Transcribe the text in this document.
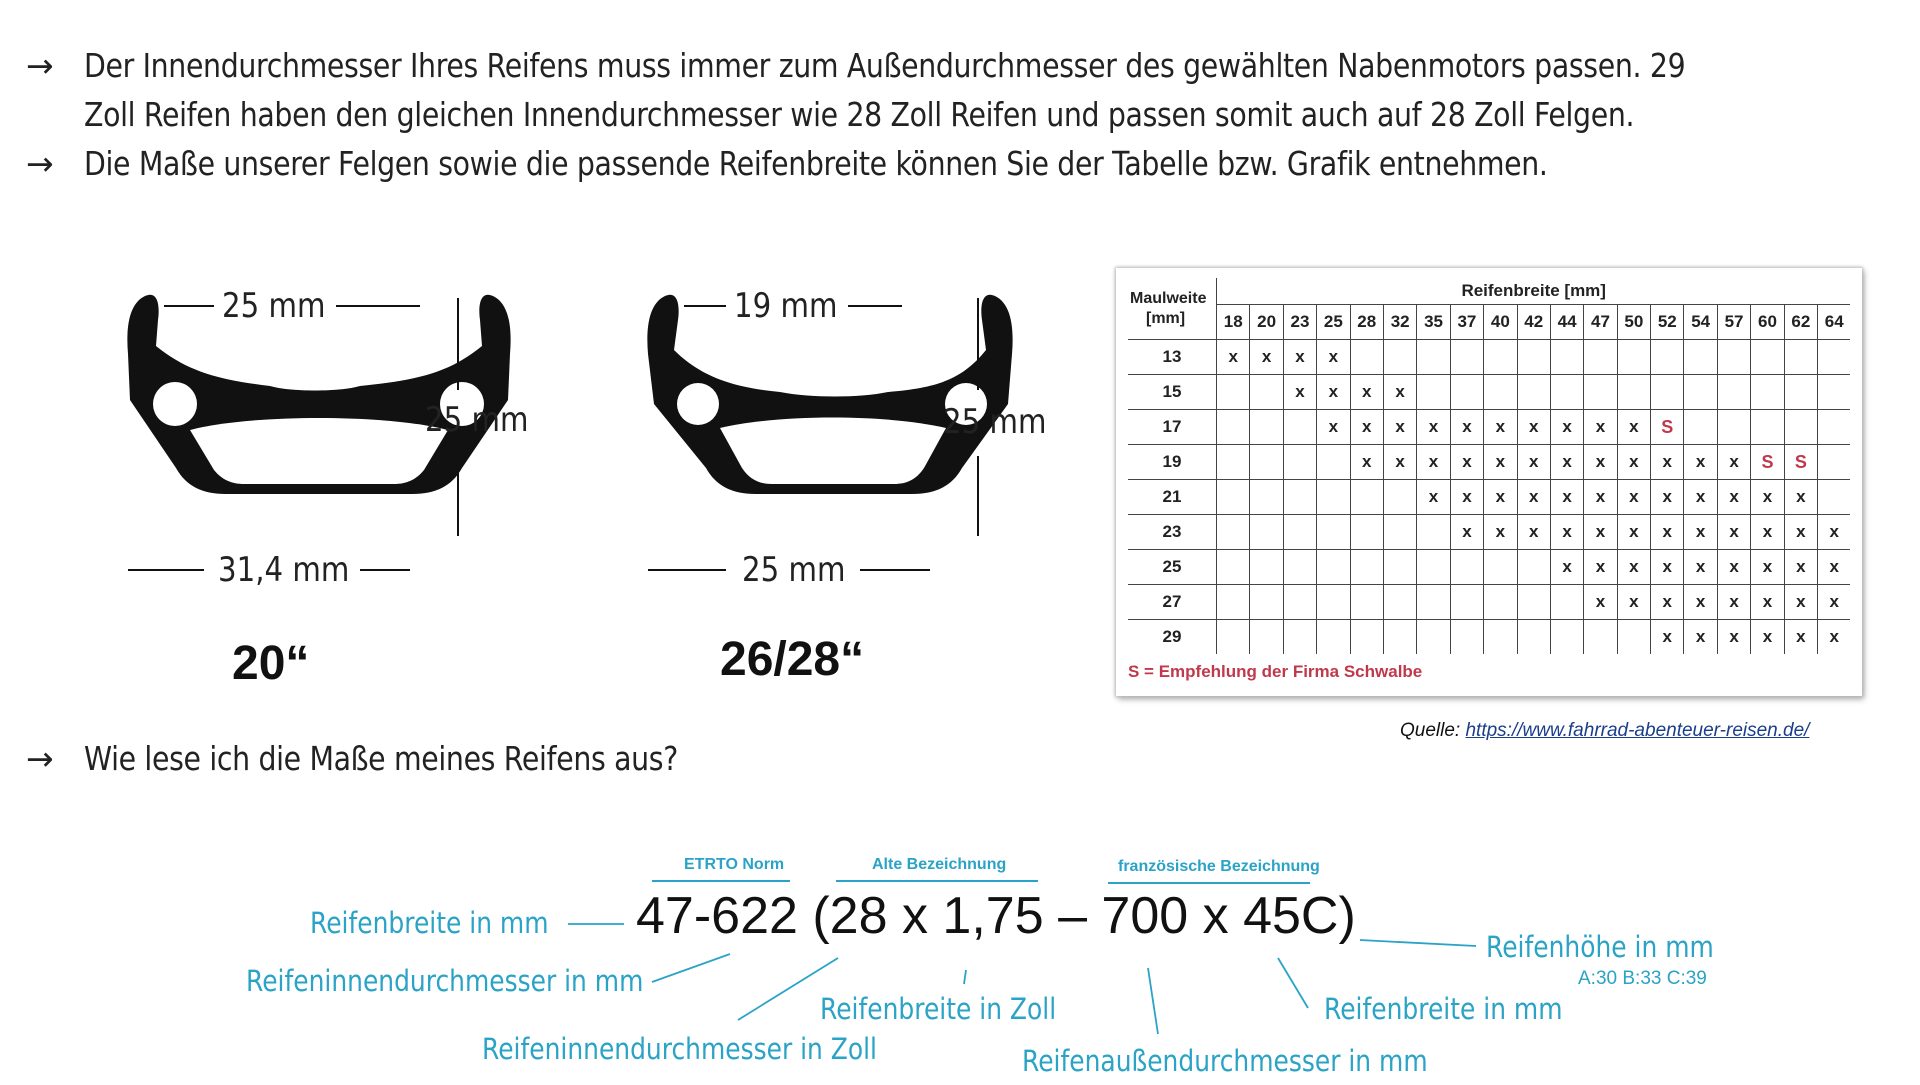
→ Der Innendurchmesser Ihres Reifens muss immer zum Außendurchmesser des gewählten Nabenmotors passen. 29
Zoll Reifen haben den gleichen Innendurchmesser wie 28 Zoll Reifen und passen somit auch auf 28 Zoll Felgen.
→ Die Maße unserer Felgen sowie die passende Reifenbreite können Sie der Tabelle bzw. Grafik entnehmen.
→ Wie lese ich die Maße meines Reifens aus?
25 mm
25 mm
31,4 mm
20“
19 mm
25 mm
25 mm
26/28“
Maulweite
[mm]	Reifenbreite [mm]																		
	18	20	23	25	28	32	35	37	40	42	44	47	50	52	54	57	60	62	64
13	x	x	x	x															
15			x	x	x	x													
17				x	x	x	x	x	x	x	x	x	x	S					
19					x	x	x	x	x	x	x	x	x	x	x	x	S	S	
21							x	x	x	x	x	x	x	x	x	x	x	x	
23								x	x	x	x	x	x	x	x	x	x	x	x
25											x	x	x	x	x	x	x	x	x
27												x	x	x	x	x	x	x	x
29														x	x	x	x	x	x
S = Empfehlung der Firma Schwalbe
Quelle: https://www.fahrrad-abenteuer-reisen.de/
ETRTO Norm	Alte Bezeichnung	französische Bezeichnung
47-622 (28 x 1,75 – 700 x 45C)
Reifenbreite in mm
Reifeninnendurchmesser in mm
Reifeninnendurchmesser in Zoll
Reifenbreite in Zoll
Reifenaußendurchmesser in mm
Reifenbreite in mm
Reifenhöhe in mm
A:30 B:33 C:39
